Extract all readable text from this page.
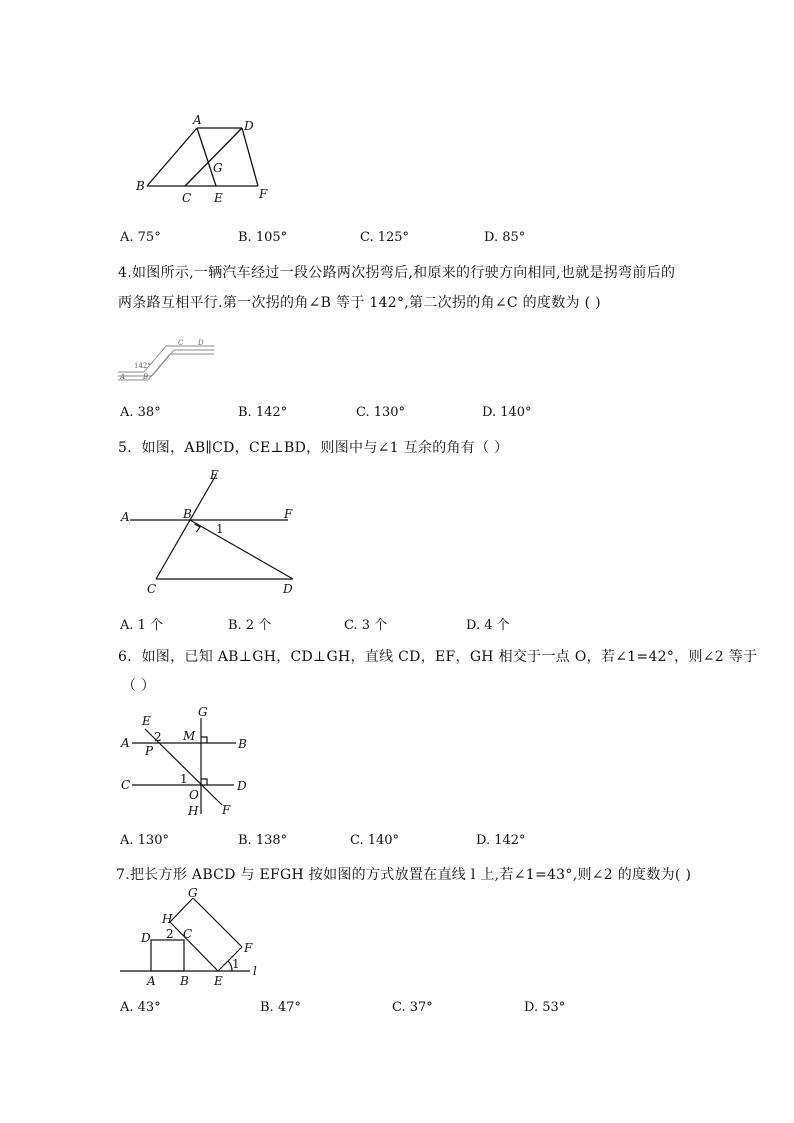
A	D
B
G
C E	F
A. 75°	B. 105°	C. 125°	D. 85°
4.如图所示,一辆汽车经过一段公路两次拐弯后,和原来的行驶方向相同,也就是拐弯前后的
两条路互相平行.第一次拐的角∠B 等于 142°,第二次拐的角∠C 的度数为 ( )
142°
A	B
C D
A. 38°	B. 142°	C. 130°	D. 140°
5．如图，AB∥CD，CE⊥BD，则图中与∠1 互余的角有（ ）
E
A	B
1
F
C	D
A. 1 个	B. 2 个	C. 3 个	D. 4 个
6．如图，已知 AB⊥GH，CD⊥GH，直线 CD，EF，GH 相交于一点 O，若∠1=42°，则∠2 等于
（ ）
G
E
2 M
A	B
P
1
C	D
O
F
H
A. 130°	B. 138°	C. 140°	D. 142°
7.把长方形 ABCD 与 EFGH 按如图的方式放置在直线 l 上,若∠1=43°,则∠2 的度数为( )
G
H
D 2 C
F
1 l
A B E
A. 43°	B. 47°	C. 37°	D. 53°
